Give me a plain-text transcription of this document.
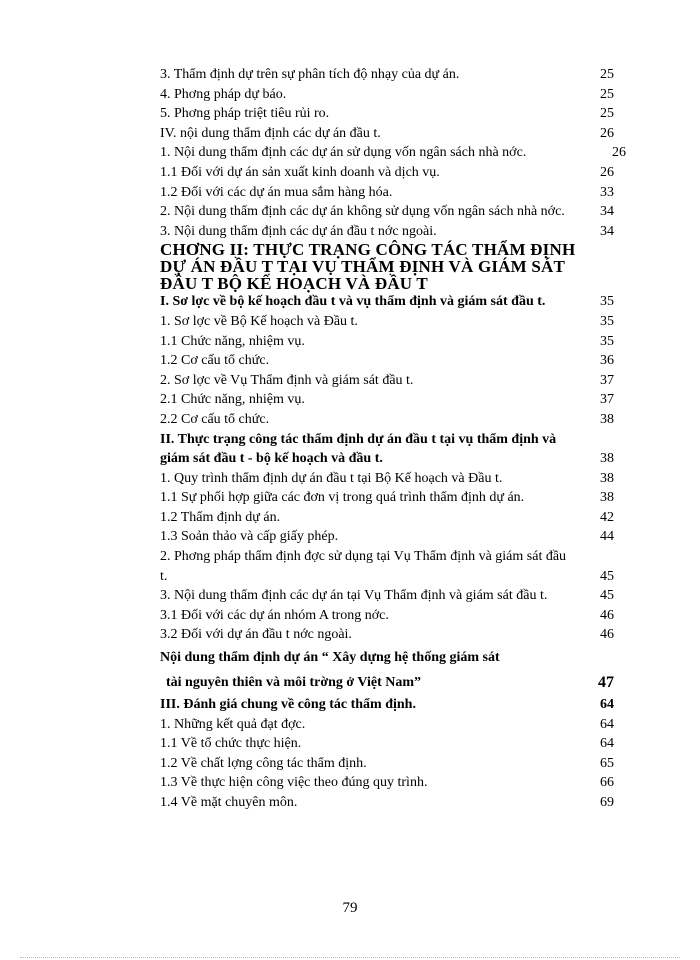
3. Thẩm định dự trên sự phân tích độ nhạy của dự án.	25
4. Phơng pháp dự báo.	25
5. Phơng pháp triệt tiêu rủi ro.	25
IV. nội dung thẩm định các dự án đầu t.	26
1. Nội dung thẩm định các dự án sử dụng vốn ngân sách nhà nớc.	26
1.1 Đối với dự án sản xuất kinh doanh và dịch vụ.	26
1.2 Đối với các dự án mua sắm hàng hóa.	33
2. Nội dung thẩm định các dự án không sử dụng vốn ngân sách nhà nớc.	34
3. Nội dung thẩm định các dự án đầu t nớc ngoài.	34
CHƠNG II: THỰC TRẠNG CÔNG TÁC THẨM ĐỊNH DỰ ÁN ĐẦU T TẠI VỤ THẨM ĐỊNH VÀ GIÁM SÁT ĐẦU T BỘ KẾ HOẠCH VÀ ĐẦU T
I. Sơ lợc về bộ kế hoạch đầu t và vụ thẩm định và giám sát đầu t.	35
1. Sơ lợc về Bộ Kế hoạch và Đầu t.	35
1.1 Chức năng, nhiệm vụ.	35
1.2 Cơ cấu tổ chức.	36
2. Sơ lợc về Vụ Thẩm định và giám sát đầu t.	37
2.1 Chức năng, nhiệm vụ.	37
2.2 Cơ cấu tổ chức.	38
II. Thực trạng công tác thẩm định dự án đầu t tại vụ thẩm định và giám sát đầu t - bộ kế hoạch và đầu t.	38
1. Quy trình thẩm định dự án đầu t tại Bộ Kế hoạch và Đầu t.	38
1.1 Sự phối hợp giữa các đơn vị trong quá trình thẩm định dự án.	38
1.2 Thẩm định dự án.	42
1.3 Soản thảo và cấp giấy phép.	44
2. Phơng pháp thẩm định đợc sử dụng tại Vụ Thẩm định và giám sát đầu t.	45
3. Nội dung thẩm định các dự án tại Vụ Thẩm định và giám sát đầu t.	45
3.1 Đối với các dự án nhóm A trong nớc.	46
3.2 Đối với dự án đầu t nớc ngoài.	46
Nội dung thẩm định dự án “ Xây dựng hệ thống giám sát
tài nguyên thiên và môi trờng ở Việt Nam”	47
III. Đánh giá chung về công tác thẩm định.	64
1. Những kết quả đạt đợc.	64
1.1 Về tổ chức thực hiện.	64
1.2 Về chất lợng công tác thẩm định.	65
1.3 Về thực hiện công việc theo đúng quy trình.	66
1.4 Về mặt chuyên môn.	69
79
